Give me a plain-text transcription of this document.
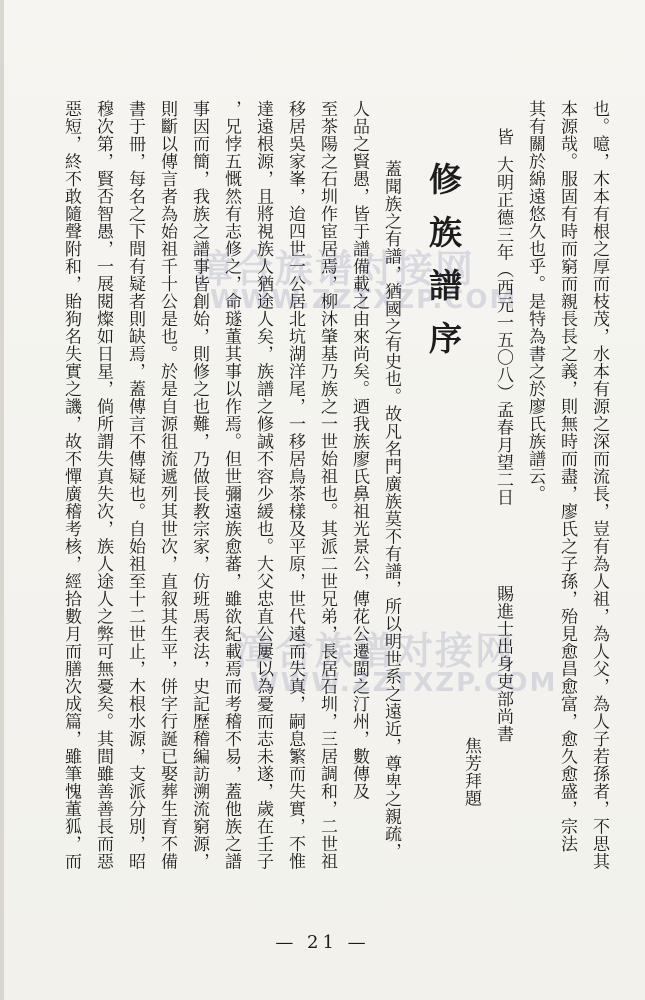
也。噫，木本有根之厚而枝茂，水本有源之深而流長，豈有為人祖，為人父，為人子若孫者，不思其
本源哉。服固有時而窮而親長長之義，則無時而盡，廖氏之子孫，殆見愈昌愈富，愈久愈盛，宗法
其有關於綿遠悠久也乎。是特為書之於廖氏族譜云。
皆
大明正德三年（西元一五〇八）孟春月望二日
賜進士出身吏部尚書
焦芳拜題
修族譜序
蓋聞族之有譜，猶國之有史也。故凡名門廣族莫不有譜，所以明世系之遠近，尊卑之親疏，
人品之賢愚，皆于譜備載之由來尚矣。迺我族廖氏鼻祖光景公，傳花公遷閩之汀州，數傳及
至茶陽之石圳作宦居焉，柳沐肇基乃族之一世始祖也。其派二世兄弟，長居石圳，三居調和，二世祖
移居吳家峯，迨四世一公居北坑湖洋尾，一移居鳥茶樣及平原，世代遠而失真，嗣息繁而失實，不惟
達遠根源，且將視族人猶途人矣，族譜之修誠不容少緩也。大父忠直公屢以為憂而志未遂，歲在壬子
，兄悖五慨然有志修之，命璲董其事以作焉。但世彌遠族愈蕃，雖欲紀載焉而考稽不易，蓋他族之譜
事因而簡，我族之譜事皆創始，則修之也難，乃做長教宗家，仿班馬表法，史記歷稽編訪溯流窮源，
則斷以傳言者為始祖千十公是也。於是自源徂流遞列其世次，直叙其生平，併字行誕已娶葬生育不備
書于冊，每名之下間有疑者則缺焉，蓋傳言不傳疑也。自始祖至十二世止，木根水源，支派分別，昭
穆次第，賢否智愚，一展閱燦如日星，倘所謂失真失次，族人途人之弊可無憂矣。其間雖善善長而惡
惡短，終不敢隨聲附和，貽狗名失實之譏，故不憚廣稽考核，經拾數月而膳次成篇，雖筆愧董狐，而	漳合族谱对接网
WWW.ZZTXZP.COM
漳合族谱对接网
WWW.ZZTXZP.COM
— 21 —
